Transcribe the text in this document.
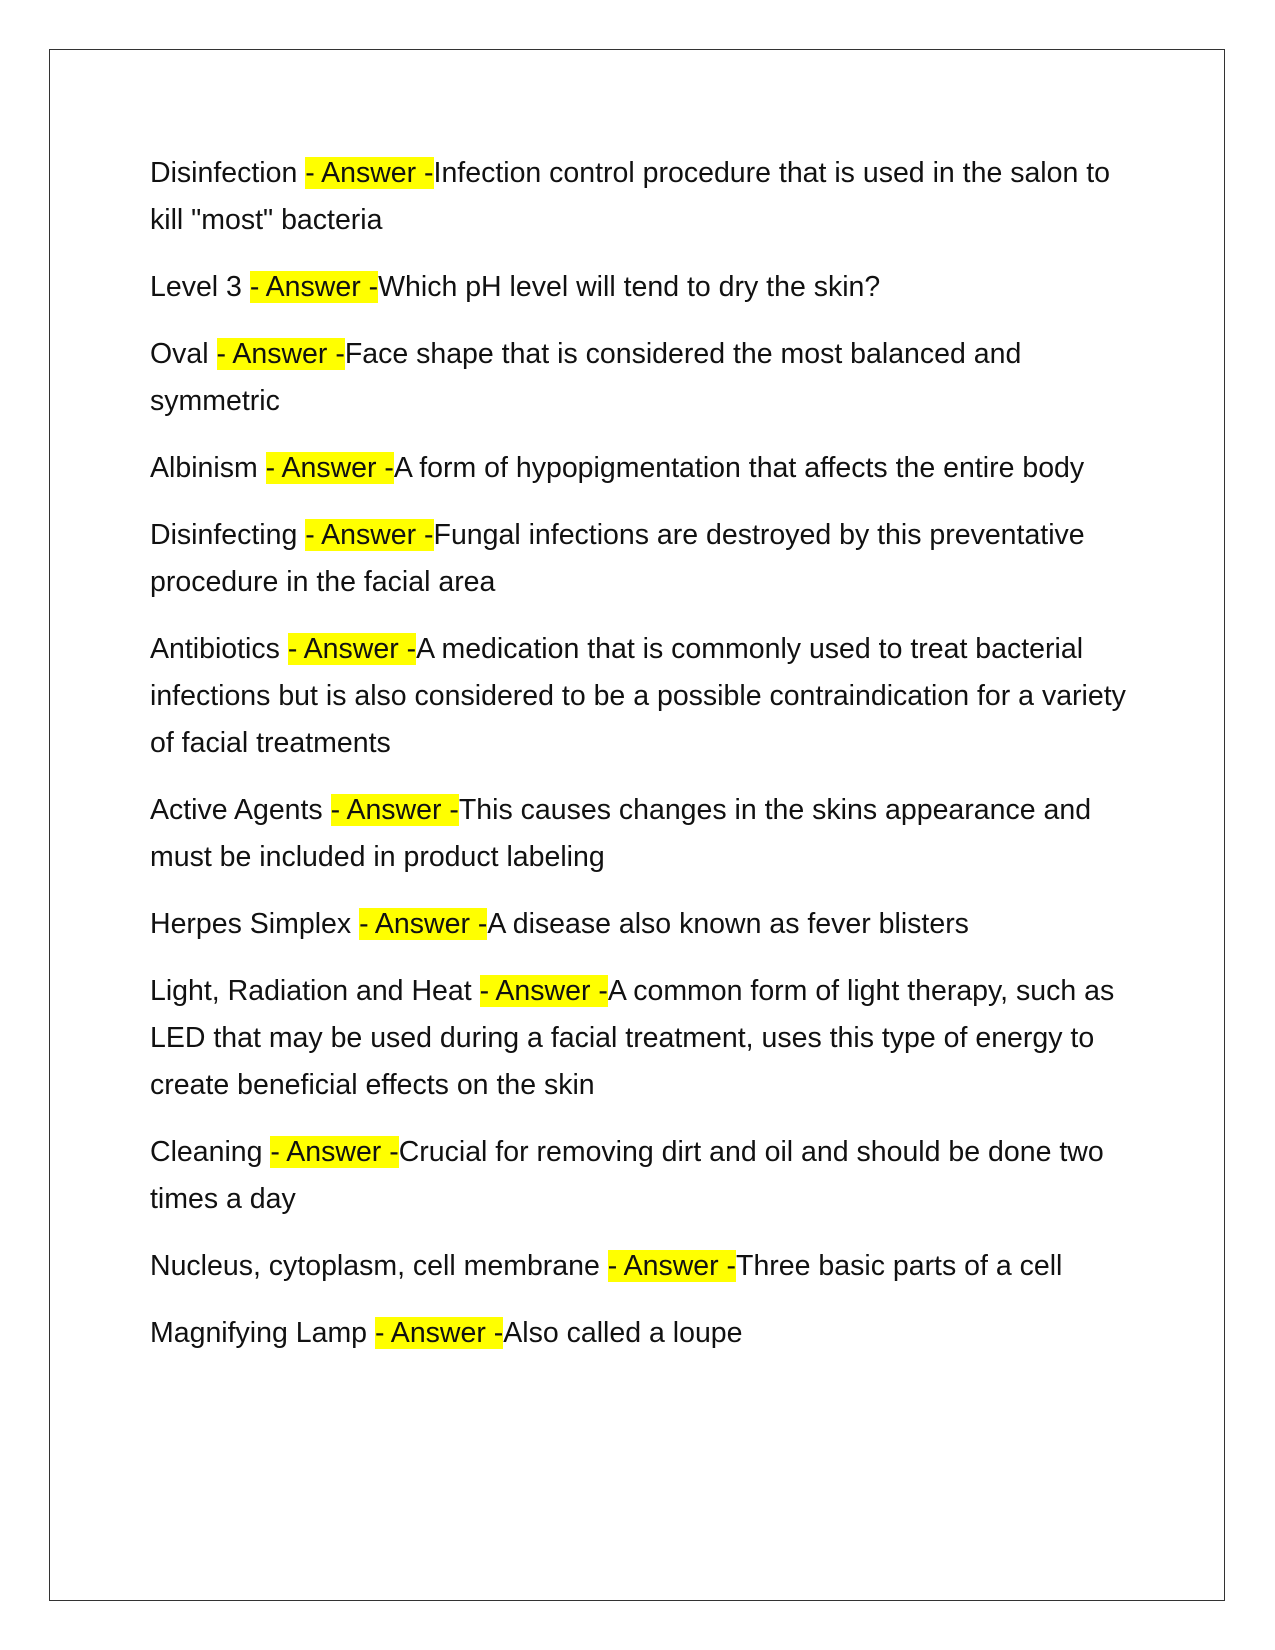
Disinfection - Answer -Infection control procedure that is used in the salon to kill "most" bacteria

Level 3 - Answer -Which pH level will tend to dry the skin?

Oval - Answer -Face shape that is considered the most balanced and symmetric

Albinism - Answer -A form of hypopigmentation that affects the entire body

Disinfecting - Answer -Fungal infections are destroyed by this preventative procedure in the facial area

Antibiotics - Answer -A medication that is commonly used to treat bacterial infections but is also considered to be a possible contraindication for a variety of facial treatments

Active Agents - Answer -This causes changes in the skins appearance and must be included in product labeling

Herpes Simplex - Answer -A disease also known as fever blisters

Light, Radiation and Heat - Answer -A common form of light therapy, such as LED that may be used during a facial treatment, uses this type of energy to create beneficial effects on the skin

Cleaning - Answer -Crucial for removing dirt and oil and should be done two times a day

Nucleus, cytoplasm, cell membrane - Answer -Three basic parts of a cell

Magnifying Lamp - Answer -Also called a loupe
